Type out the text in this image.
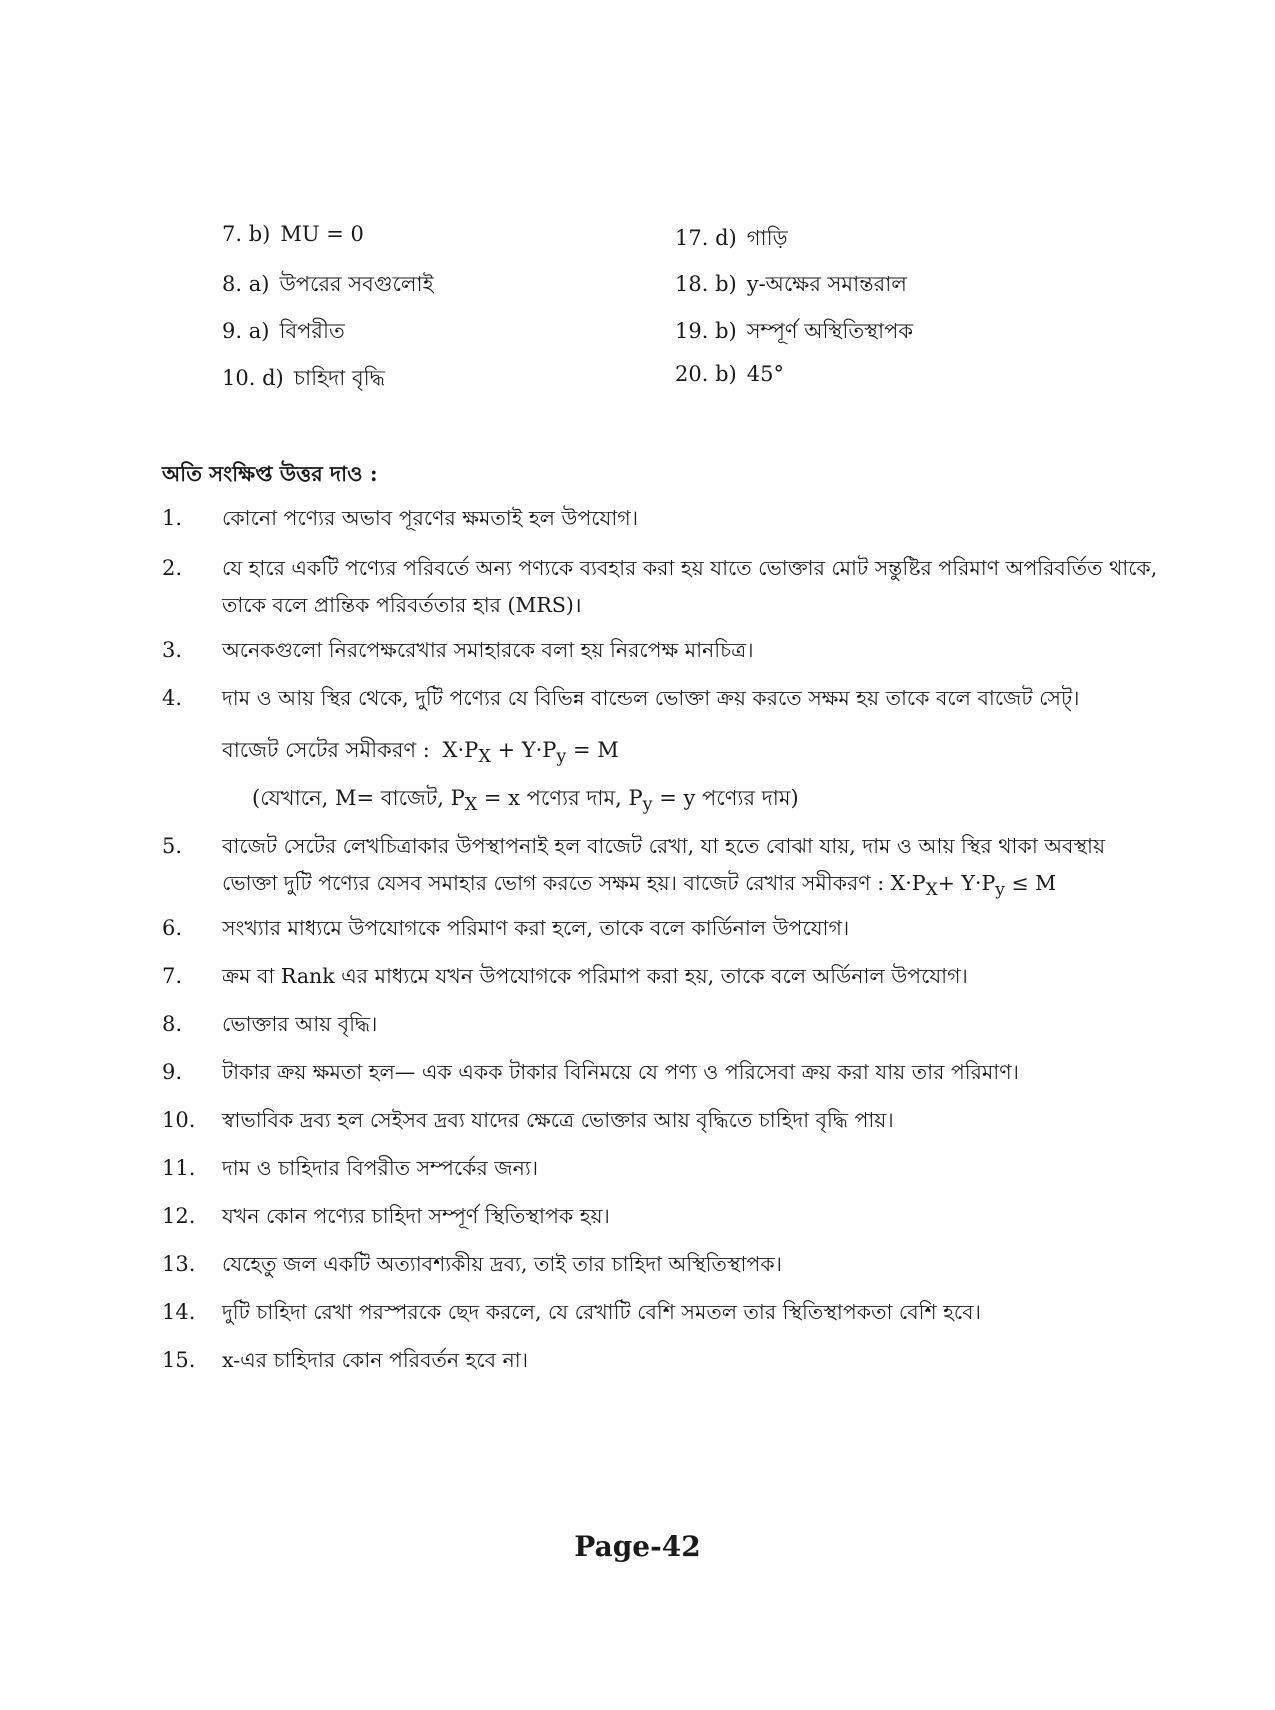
7. b) MU = 0
8. a) উপরের সবগুলোই
9. a) বিপরীত
10. d) চাহিদা বৃদ্ধি
17. d) গাড়ি
18. b) y-অক্ষের সমান্তরাল
19. b) সম্পূর্ণ অস্থিতিস্থাপক
20. b) 45°
অতি সংক্ষিপ্ত উত্তর দাও :
1. কোনো পণ্যের অভাব পূরণের ক্ষমতাই হল উপযোগ।
2. যে হারে একটি পণ্যের পরিবর্তে অন্য পণ্যকে ব্যবহার করা হয় যাতে ভোক্তার মোট সন্তুষ্টির পরিমাণ অপরিবর্তিত থাকে, তাকে বলে প্রান্তিক পরিবর্ততার হার (MRS)।
3. অনেকগুলো নিরপেক্ষরেখার সমাহারকে বলা হয় নিরপেক্ষ মানচিত্র।
4. দাম ও আয় স্থির থেকে, দুটি পণ্যের যে বিভিন্ন বান্ডেল ভোক্তা ক্রয় করতে সক্ষম হয় তাকে বলে বাজেট সেট্।
বাজেট সেটের সমীকরণ : $X\cdot P_X + Y\cdot P_y = M$
(যেখানে, M= বাজেট, $P_X = x$ পণ্যের দাম, $P_y = y$ পণ্যের দাম)
5. বাজেট সেটের লেখচিত্রাকার উপস্থাপনাই হল বাজেট রেখা, যা হতে বোঝা যায়, দাম ও আয় স্থির থাকা অবস্থায় ভোক্তা দুটি পণ্যের যেসব সমাহার ভোগ করতে সক্ষম হয়। বাজেট রেখার সমীকরণ : $X\cdot P_X+ Y\cdot P_y \le M$
6. সংখ্যার মাধ্যমে উপযোগকে পরিমাণ করা হলে, তাকে বলে কার্ডিনাল উপযোগ।
7. ক্রম বা Rank এর মাধ্যমে যখন উপযোগকে পরিমাপ করা হয়, তাকে বলে অর্ডিনাল উপযোগ।
8. ভোক্তার আয় বৃদ্ধি।
9. টাকার ক্রয় ক্ষমতা হল— এক একক টাকার বিনিময়ে যে পণ্য ও পরিসেবা ক্রয় করা যায় তার পরিমাণ।
10. স্বাভাবিক দ্রব্য হল সেইসব দ্রব্য যাদের ক্ষেত্রে ভোক্তার আয় বৃদ্ধিতে চাহিদা বৃদ্ধি পায়।
11. দাম ও চাহিদার বিপরীত সম্পর্কের জন্য।
12. যখন কোন পণ্যের চাহিদা সম্পূর্ণ স্থিতিস্থাপক হয়।
13. যেহেতু জল একটি অত্যাবশ্যকীয় দ্রব্য, তাই তার চাহিদা অস্থিতিস্থাপক।
14. দুটি চাহিদা রেখা পরস্পরকে ছেদ করলে, যে রেখাটি বেশি সমতল তার স্থিতিস্থাপকতা বেশি হবে।
15. x-এর চাহিদার কোন পরিবর্তন হবে না।
Page-42
